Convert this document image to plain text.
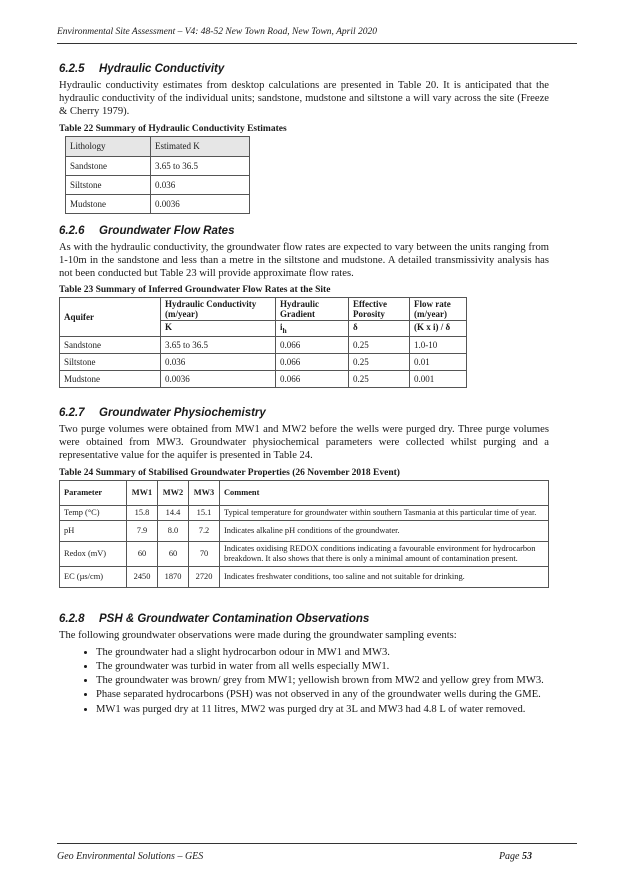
Environmental Site Assessment – V4: 48-52 New Town Road, New Town, April 2020
6.2.5 Hydraulic Conductivity

Hydraulic conductivity estimates from desktop calculations are presented in Table 20. It is anticipated that the hydraulic conductivity of the individual units; sandstone, mudstone and siltstone a will vary across the site (Freeze & Cherry 1979).

Table 22 Summary of Hydraulic Conductivity Estimates
Lithology	Estimated K
Sandstone	3.65 to 36.5
Siltstone	0.036
Mudstone	0.0036
6.2.6 Groundwater Flow Rates

As with the hydraulic conductivity, the groundwater flow rates are expected to vary between the units ranging from 1-10m in the sandstone and less than a metre in the siltstone and mudstone. A detailed transmissivity analysis has not been conducted but Table 23 will provide approximate flow rates.

Table 23 Summary of Inferred Groundwater Flow Rates at the Site
Aquifer	Hydraulic Conductivity (m/year)	Hydraulic Gradient	Effective Porosity	Flow rate (m/year)
	K	$i_h$	δ	(K x i) / δ
Sandstone	3.65 to 36.5	0.066	0.25	1.0-10
Siltstone	0.036	0.066	0.25	0.01
Mudstone	0.0036	0.066	0.25	0.001
6.2.7 Groundwater Physiochemistry

Two purge volumes were obtained from MW1 and MW2 before the wells were purged dry. Three purge volumes were obtained from MW3. Groundwater physiochemical parameters were collected whilst purging and a representative value for the aquifer is presented in Table 24.

Table 24 Summary of Stabilised Groundwater Properties (26 November 2018 Event)
Parameter	MW1	MW2	MW3	Comment
Temp (°C)	15.8	14.4	15.1	Typical temperature for groundwater within southern Tasmania at this particular time of year.
pH	7.9	8.0	7.2	Indicates alkaline pH conditions of the groundwater.
Redox (mV)	60	60	70	Indicates oxidising REDOX conditions indicating a favourable environment for hydrocarbon breakdown. It also shows that there is only a minimal amount of contamination present.
EC (µs/cm)	2450	1870	2720	Indicates freshwater conditions, too saline and not suitable for drinking.
6.2.8 PSH & Groundwater Contamination Observations

The following groundwater observations were made during the groundwater sampling events:

• The groundwater had a slight hydrocarbon odour in MW1 and MW3.
• The groundwater was turbid in water from all wells especially MW1.
• The groundwater was brown/ grey from MW1; yellowish brown from MW2 and yellow grey from MW3.
• Phase separated hydrocarbons (PSH) was not observed in any of the groundwater wells during the GME.
• MW1 was purged dry at 11 litres, MW2 was purged dry at 3L and MW3 had 4.8 L of water removed.
Geo Environmental Solutions – GES	Page 53
